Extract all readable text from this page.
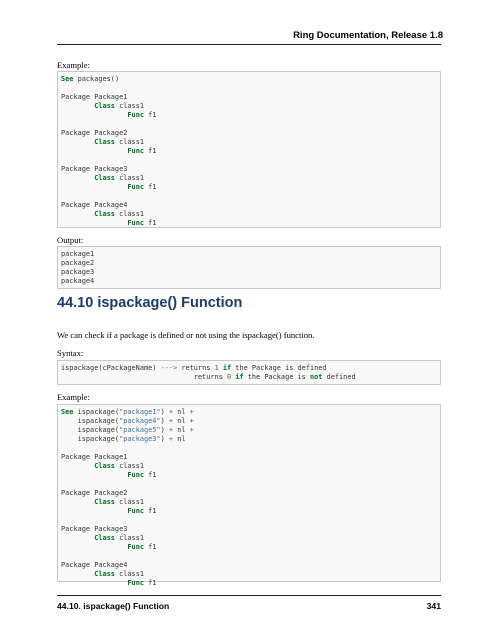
Ring Documentation, Release 1.8
Example:
See packages()
Package Package1
Class class1
Func f1
Package Package2
Class class1
Func f1
Package Package3
Class class1
Func f1
Package Package4
Class class1
Func f1
Output:
package1
package2
package3
package4
44.10 ispackage() Function
We can check if a package is defined or not using the ispackage() function.
Syntax:
ispackage(cPackageName) ---> returns 1 if the Package is defined
returns 0 if the Package is not defined
Example:
See ispackage("package1") + nl +
ispackage("package4") + nl +
ispackage("package5") + nl +
ispackage("package3") + nl
Package Package1
Class class1
Func f1
Package Package2
Class class1
Func f1
Package Package3
Class class1
Func f1
Package Package4
Class class1
Func f1
44.10. ispackage() Function	341
